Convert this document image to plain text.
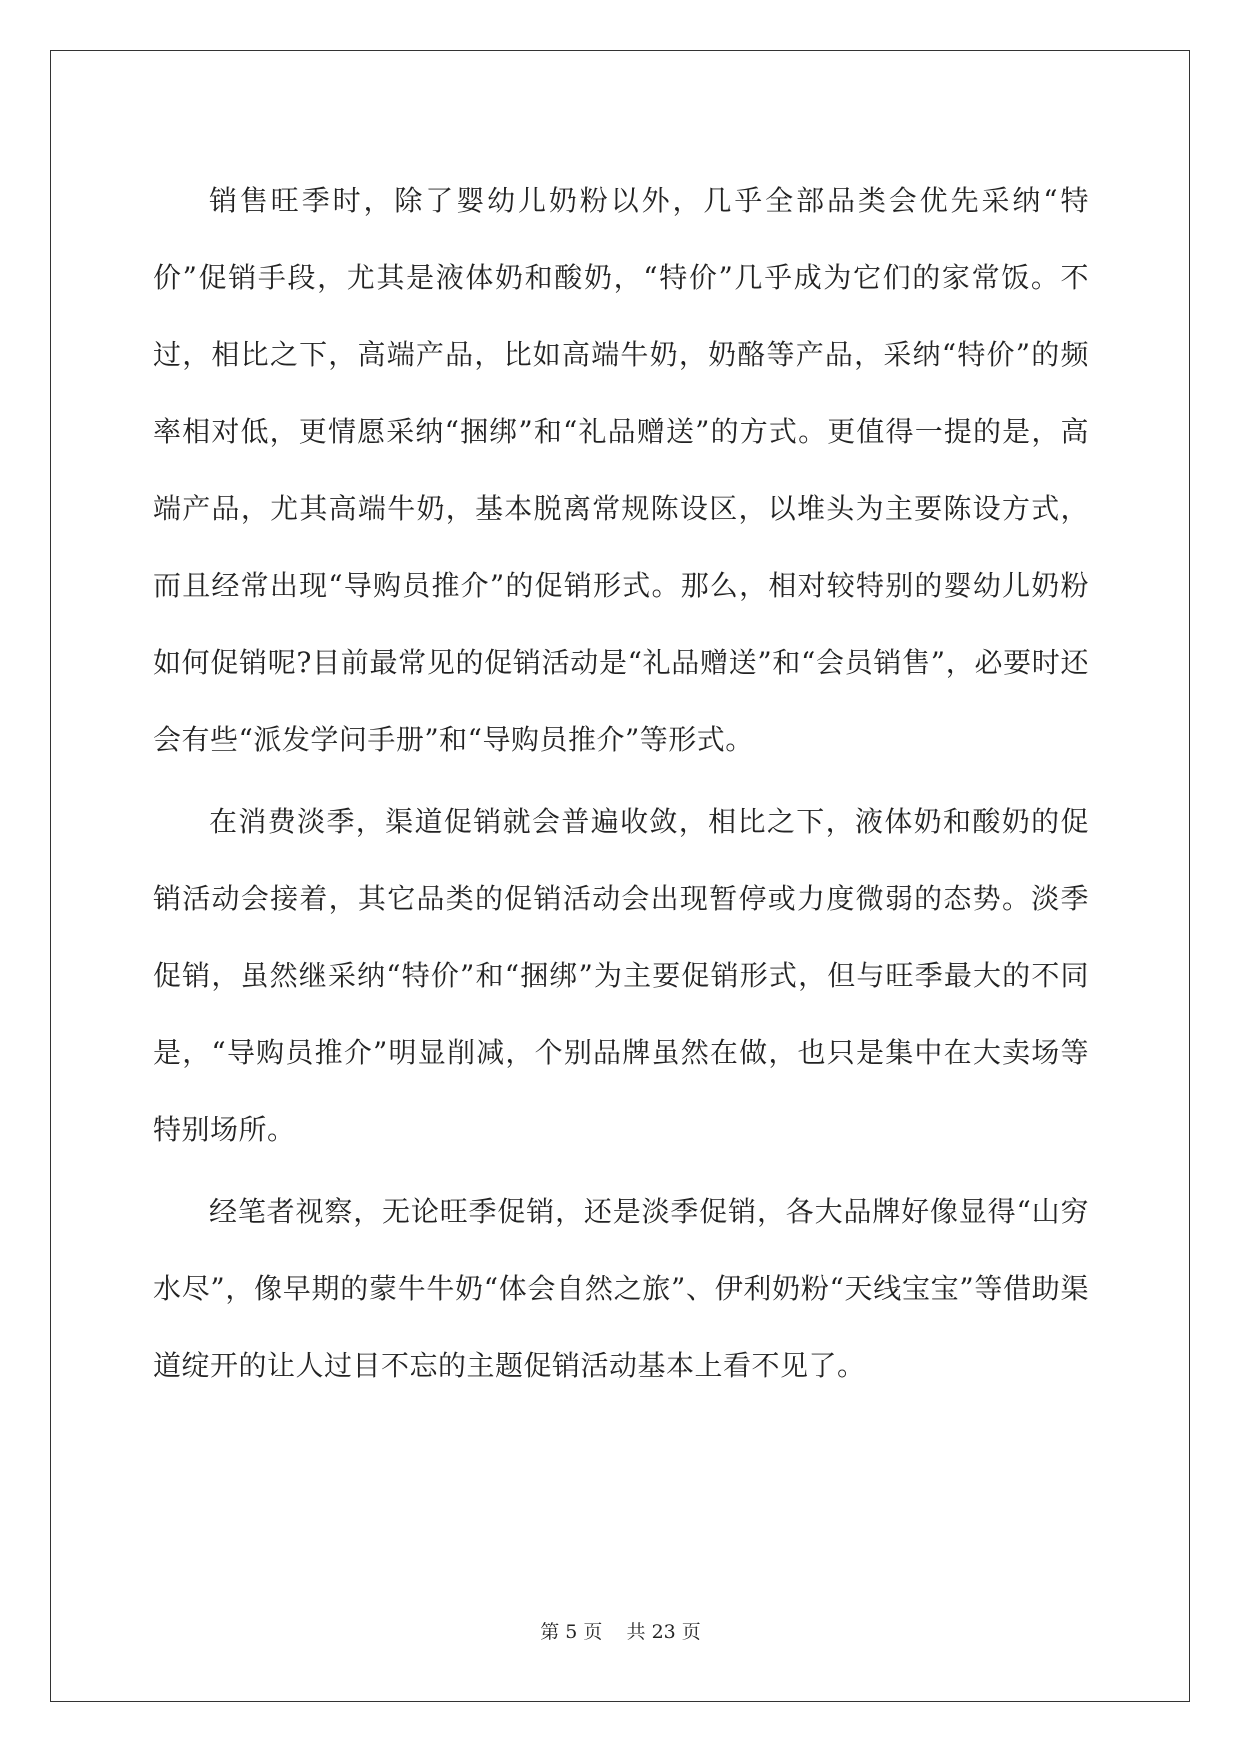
销售旺季时，除了婴幼儿奶粉以外，几乎全部品类会优先采纳“特价”促销手段，尤其是液体奶和酸奶，“特价”几乎成为它们的家常饭。不过，相比之下，高端产品，比如高端牛奶，奶酪等产品，采纳“特价”的频率相对低，更情愿采纳“捆绑”和“礼品赠送”的方式。更值得一提的是，高端产品，尤其高端牛奶，基本脱离常规陈设区，以堆头为主要陈设方式，而且经常出现“导购员推介”的促销形式。那么，相对较特别的婴幼儿奶粉如何促销呢?目前最常见的促销活动是“礼品赠送”和“会员销售”，必要时还会有些“派发学问手册”和“导购员推介”等形式。

在消费淡季，渠道促销就会普遍收敛，相比之下，液体奶和酸奶的促销活动会接着，其它品类的促销活动会出现暂停或力度微弱的态势。淡季促销，虽然继采纳“特价”和“捆绑”为主要促销形式，但与旺季最大的不同是，“导购员推介”明显削减，个别品牌虽然在做，也只是集中在大卖场等特别场所。

经笔者视察，无论旺季促销，还是淡季促销，各大品牌好像显得“山穷水尽”，像早期的蒙牛牛奶“体会自然之旅”、伊利奶粉“天线宝宝”等借助渠道绽开的让人过目不忘的主题促销活动基本上看不见了。

第 5 页 共 23 页
